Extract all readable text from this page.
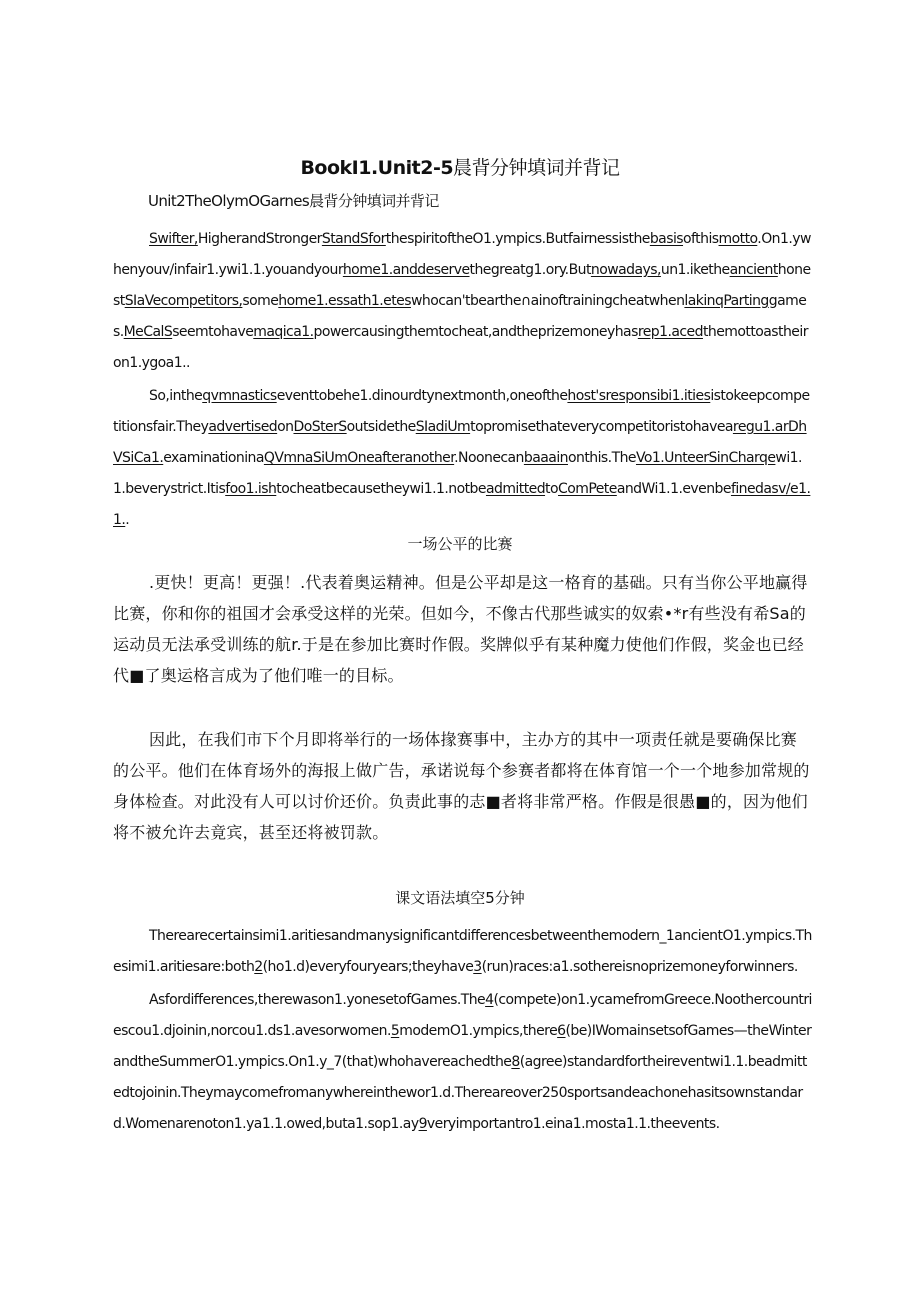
BookI1.Unit2-5晨背分钟填词并背记
Unit2TheOlymOGarnes晨背分钟填词并背记

Swifter,HigherandStrongerStandSforthespiritoftheO1.ympics.Butfairnessisthebasisofthismotto.On1.ywhenyouv/infair1.ywi1.1.youandyourhome1.anddeservethegreatg1.ory.Butnowadays,un1.iketheancienthonestSIaVecompetitors,somehome1.essath1.eteswhocan'tbearthe∩ainoftrainingcheatwhenlakinqPartinggames.MeCalSseemtohavemaqica1.powercausingthemtocheat,andtheprizemoneyhasrep1.acedthemottoastheiron1.ygoa1..

So,intheqvmnasticseventtobehe1.dinourdtynextmonth,oneofthehost'sresponsibi1.itiesistokeepcompetitionsfair.TheyadvertisedonDoSterSoutsidetheSIadiUmtopromisethateverycompetitoristohavearegu1.arDhVSiCa1.examinationinaQVmnaSiUmOneafteranother.Noonecanbaaainonthis.TheVo1.UnteerSinCharqewi1.1.beverystrict.Itisfoo1.ishtocheatbecausetheywi1.1.notbeadmittedtoComPeteandWi1.1.evenbefinedasv∕e1.1..

一场公平的比赛

.更快！更高！更强！.代表着奥运精神。但是公平却是这一格育的基础。只有当你公平地赢得比赛，你和你的祖国才会承受这样的光荣。但如今，不像古代那些诚实的奴索•*r有些没有希Sa的运动员无法承受训练的航r.于是在参加比赛时作假。奖牌似乎有某种魔力使他们作假，奖金也已经代■了奥运格言成为了他们唯一的目标。

因此，在我们市下个月即将举行的一场体掾赛事中，主办方的其中一项责任就是要确保比赛的公平。他们在体育场外的海报上做广告，承诺说每个参赛者都将在体育馆一个一个地参加常规的身体检查。对此没有人可以讨价还价。负责此事的志■者将非常严格。作假是很愚■的，因为他们将不被允许去竟宾，甚至还将被罚款。

课文语法填空5分钟

Therearecertainsimi1.aritiesandmanysignificantdifferencesbetweenthemodern_1ancientO1.ympics.Thesimi1.aritiesare:both2(ho1.d)everyfouryears;theyhave3(run)races:a1.sothereisnoprizemoneyforwinners.

Asfordifferences,therewason1.yonesetofGames.The4(compete)on1.ycamefromGreece.Noothercountriescou1.djoinin,norcou1.ds1.avesorwomen.5modemO1.ympics,there6(be)IWomainsetsofGames—theWinterandtheSummerO1.ympics.On1.y_7(that)whohavereachedthe8(agree)standardfortheireventwi1.1.beadmittedtojoinin.Theymaycomefromanywhereinthewor1.d.Thereareover250sportsandeachonehasitsownstandard.Womenarenoton1.ya1.1.owed,buta1.sop1.ay9veryimportantro1.eina1.mosta1.1.theevents.
